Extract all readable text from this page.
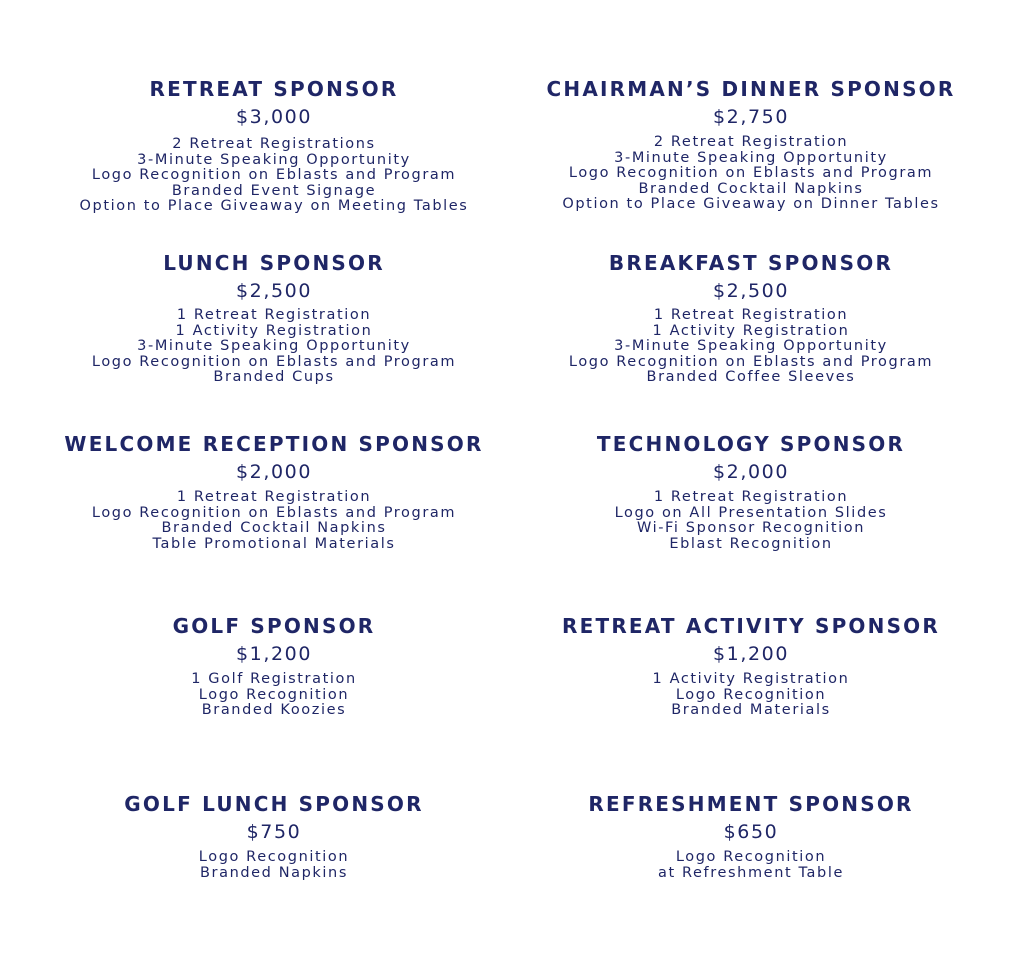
RETREAT SPONSOR
$3,000
2 Retreat Registrations
3-Minute Speaking Opportunity
Logo Recognition on Eblasts and Program
Branded Event Signage
Option to Place Giveaway on Meeting Tables
CHAIRMAN’S DINNER SPONSOR
$2,750
2 Retreat Registration
3-Minute Speaking Opportunity
Logo Recognition on Eblasts and Program
Branded Cocktail Napkins
Option to Place Giveaway on Dinner Tables
LUNCH SPONSOR
$2,500
1 Retreat Registration
1 Activity Registration
3-Minute Speaking Opportunity
Logo Recognition on Eblasts and Program
Branded Cups
BREAKFAST SPONSOR
$2,500
1 Retreat Registration
1 Activity Registration
3-Minute Speaking Opportunity
Logo Recognition on Eblasts and Program
Branded Coffee Sleeves
WELCOME RECEPTION SPONSOR
$2,000
1 Retreat Registration
Logo Recognition on Eblasts and Program
Branded Cocktail Napkins
Table Promotional Materials
TECHNOLOGY SPONSOR
$2,000
1 Retreat Registration
Logo on All Presentation Slides
Wi-Fi Sponsor Recognition
Eblast Recognition
GOLF SPONSOR
$1,200
1 Golf Registration
Logo Recognition
Branded Koozies
RETREAT ACTIVITY SPONSOR
$1,200
1 Activity Registration
Logo Recognition
Branded Materials
GOLF LUNCH SPONSOR
$750
Logo Recognition
Branded Napkins
REFRESHMENT SPONSOR
$650
Logo Recognition
at Refreshment Table
